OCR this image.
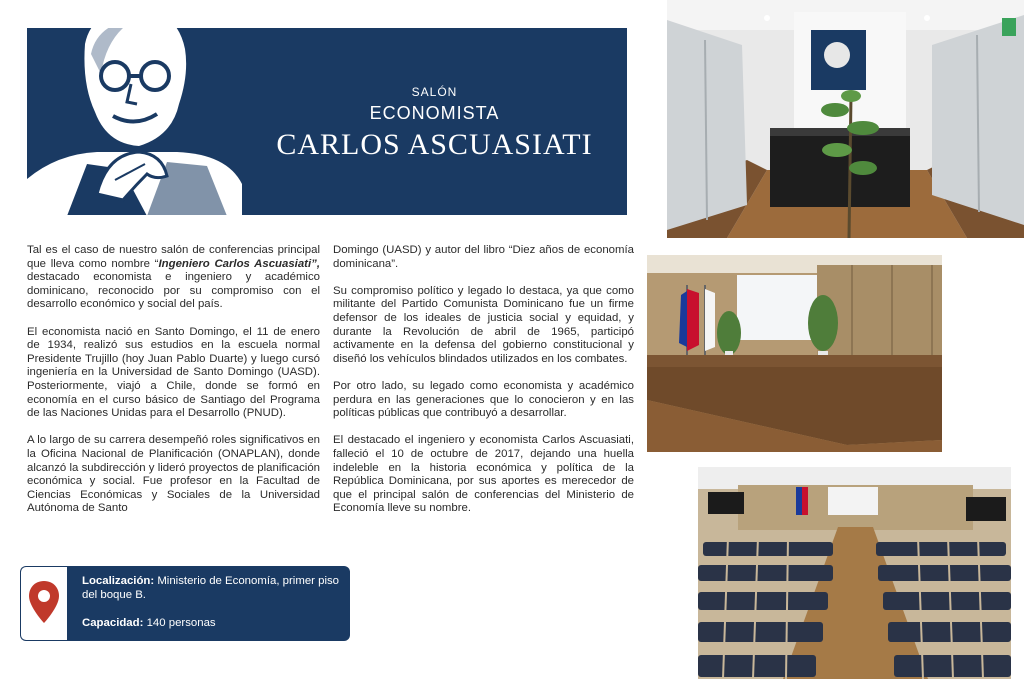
SALÓN
ECONOMISTA
CARLOS ASCUASIATI

Tal es el caso de nuestro salón de conferencias principal que lleva como nombre “Ingeniero Carlos Ascuasiati”, destacado economista e ingeniero y académico dominicano, reconocido por su compromiso con el desarrollo económico y social del país.

El economista nació en Santo Domingo, el 11 de enero de 1934, realizó sus estudios en la escuela normal Presidente Trujillo (hoy Juan Pablo Duarte) y luego cursó ingeniería en la Universidad de Santo Domingo (UASD). Posteriormente, viajó a Chile, donde se formó en economía en el curso básico de Santiago del Programa de las Naciones Unidas para el Desarrollo (PNUD).

A lo largo de su carrera desempeñó roles significativos en la Oficina Nacional de Planificación (ONAPLAN), donde alcanzó la subdirección y lideró proyectos de planificación económica y social. Fue profesor en la Facultad de Ciencias Económicas y Sociales de la Universidad Autónoma de Santo

Domingo (UASD) y autor del libro “Diez años de economía dominicana”.

Su compromiso político y legado lo destaca, ya que como militante del Partido Comunista Dominicano fue un firme defensor de los ideales de justicia social y equidad, y durante la Revolución de abril de 1965, participó activamente en la defensa del gobierno constitucional y diseñó los vehículos blindados utilizados en los combates.

Por otro lado, su legado como economista y académico perdura en las generaciones que lo conocieron y en las políticas públicas que contribuyó a desarrollar.

El destacado el ingeniero y economista Carlos Ascuasiati, falleció el 10 de octubre de 2017, dejando una huella indeleble en la historia económica y política de la República Dominicana, por sus aportes es merecedor de que el principal salón de conferencias del Ministerio de Economía lleve su nombre.

Localización: Ministerio de Economía, primer piso del boque B.
Capacidad: 140 personas
